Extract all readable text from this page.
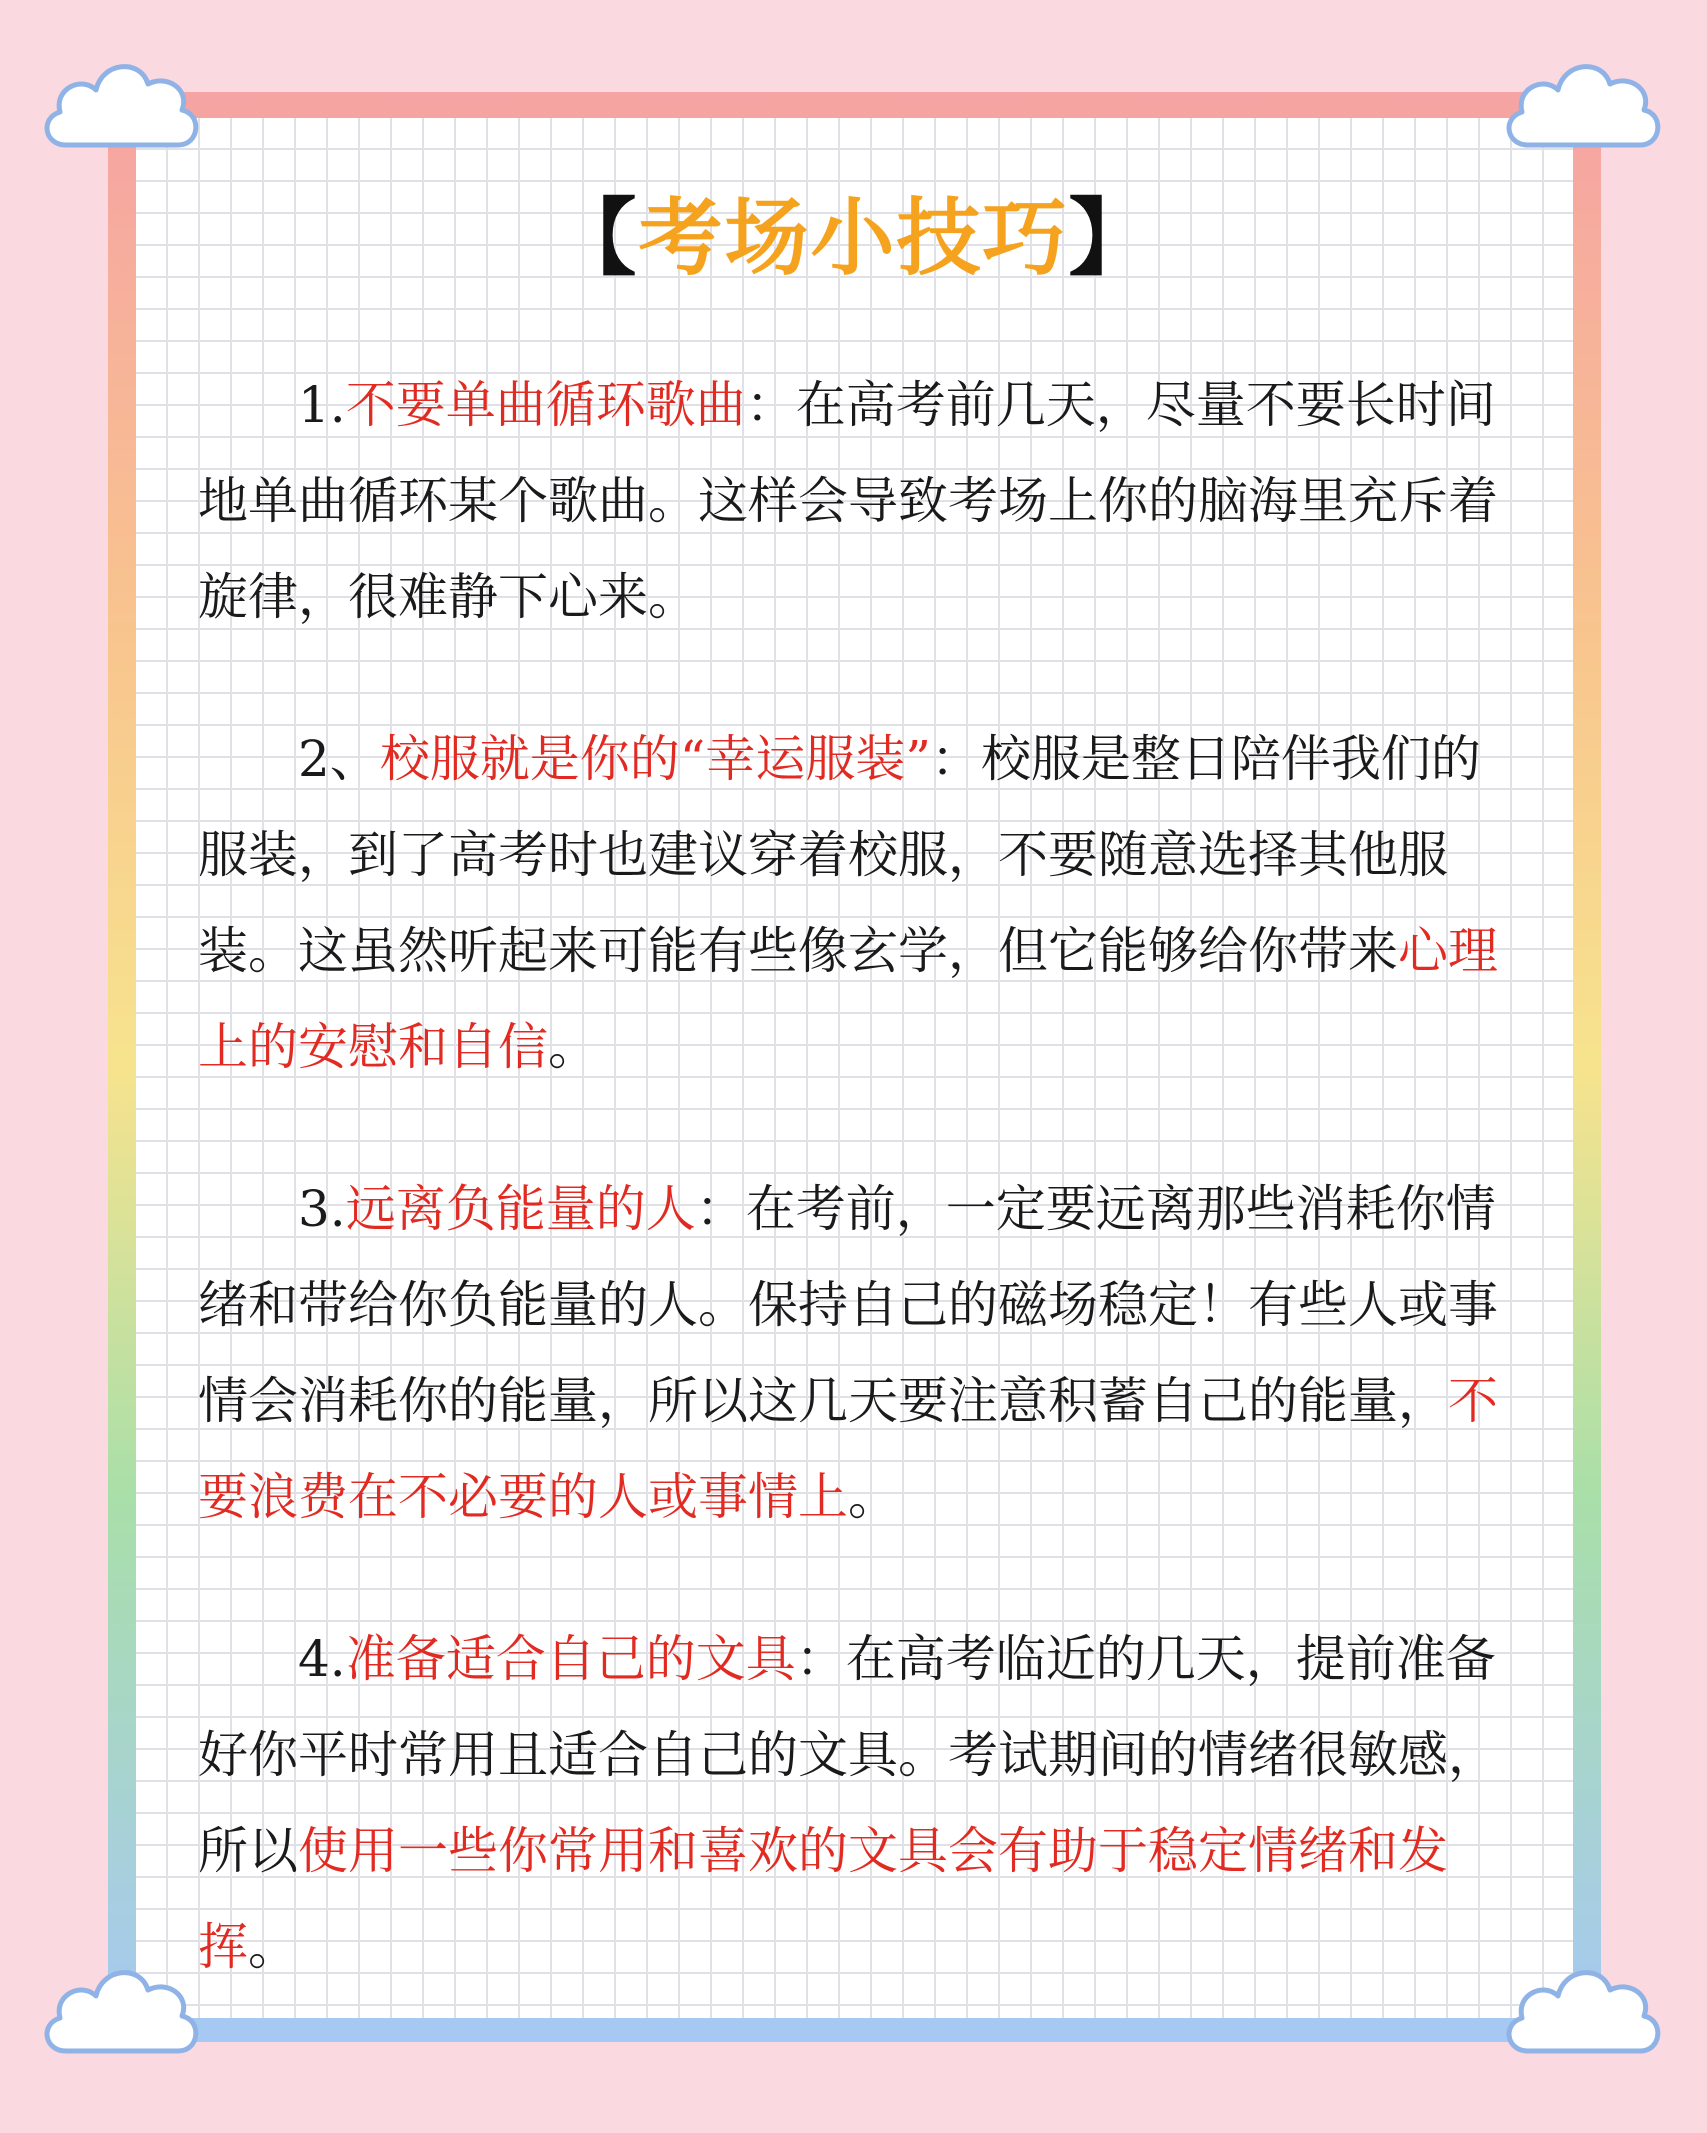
【考场小技巧】

1.不要单曲循环歌曲：在高考前几天，尽量不要长时间地单曲循环某个歌曲。这样会导致考场上你的脑海里充斥着旋律，很难静下心来。

2、校服就是你的“幸运服装”：校服是整日陪伴我们的服装，到了高考时也建议穿着校服，不要随意选择其他服装。这虽然听起来可能有些像玄学，但它能够给你带来心理上的安慰和自信。

3.远离负能量的人：在考前，一定要远离那些消耗你情绪和带给你负能量的人。保持自己的磁场稳定！有些人或事情会消耗你的能量，所以这几天要注意积蓄自己的能量，不要浪费在不必要的人或事情上。

4.准备适合自己的文具：在高考临近的几天，提前准备好你平时常用且适合自己的文具。考试期间的情绪很敏感，所以使用一些你常用和喜欢的文具会有助于稳定情绪和发挥。
